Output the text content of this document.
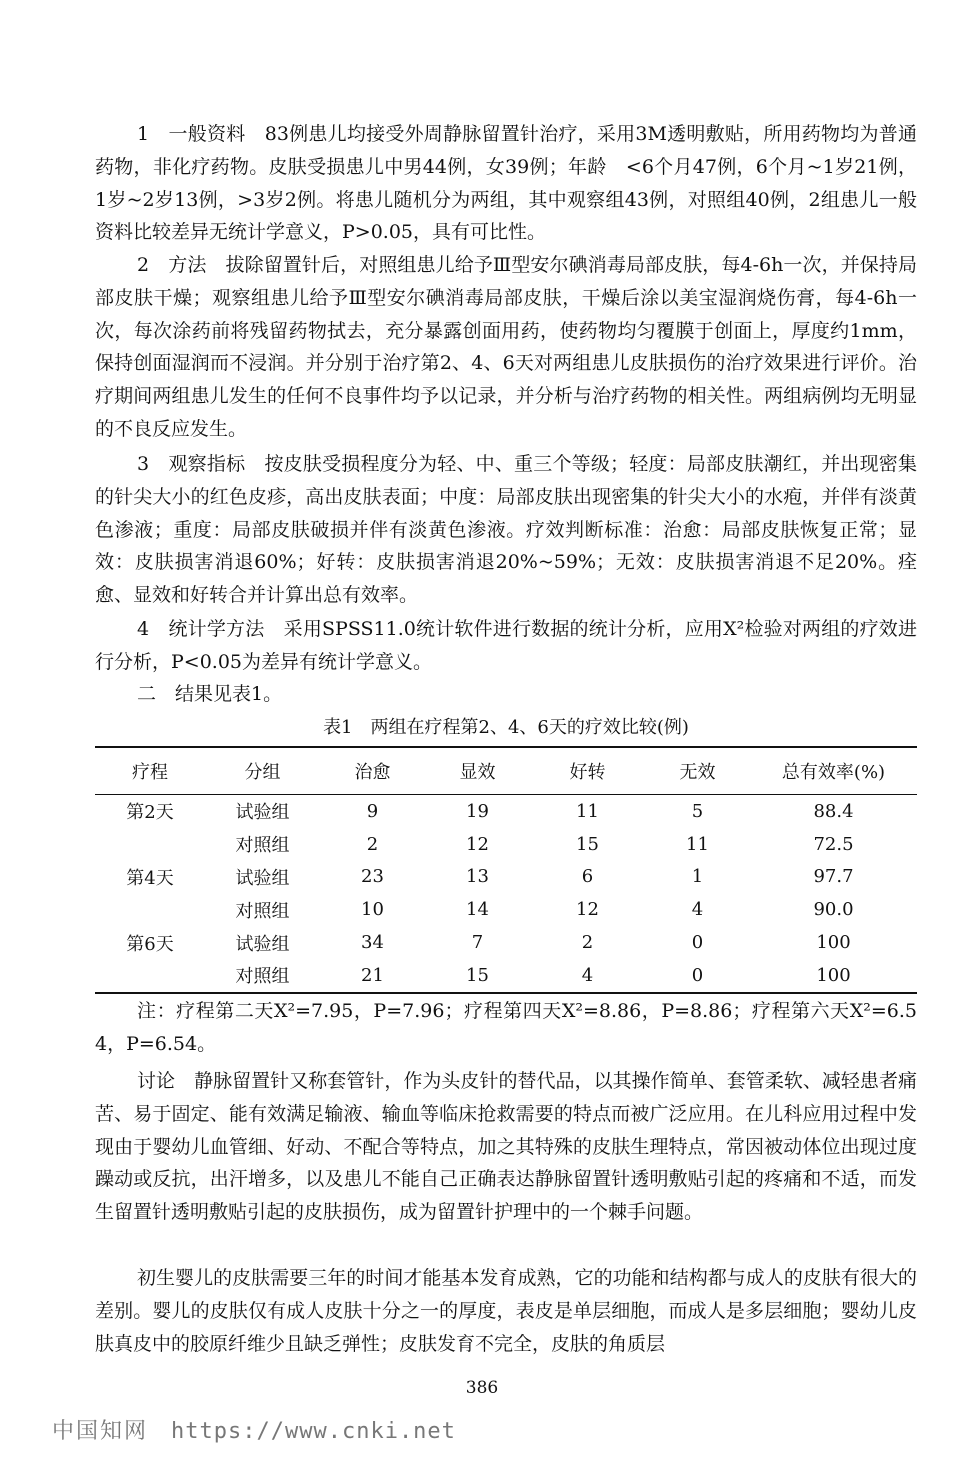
1　一般资料　83例患儿均接受外周静脉留置针治疗，采用3M透明敷贴，所用药物均为普通药物，非化疗药物。皮肤受损患儿中男44例，女39例；年龄　<6个月47例，6个月~1岁21例，1岁~2岁13例，>3岁2例。将患儿随机分为两组，其中观察组43例，对照组40例，2组患儿一般资料比较差异无统计学意义，P>0.05，具有可比性。

2　方法　拔除留置针后，对照组患儿给予Ⅲ型安尔碘消毒局部皮肤，每4-6h一次，并保持局部皮肤干燥；观察组患儿给予Ⅲ型安尔碘消毒局部皮肤，干燥后涂以美宝湿润烧伤膏，每4-6h一次，每次涂药前将残留药物拭去，充分暴露创面用药，使药物均匀覆膜于创面上，厚度约1mm，保持创面湿润而不浸润。并分别于治疗第2、4、6天对两组患儿皮肤损伤的治疗效果进行评价。治疗期间两组患儿发生的任何不良事件均予以记录，并分析与治疗药物的相关性。两组病例均无明显的不良反应发生。

3　观察指标　按皮肤受损程度分为轻、中、重三个等级；轻度：局部皮肤潮红，并出现密集的针尖大小的红色皮疹，高出皮肤表面；中度：局部皮肤出现密集的针尖大小的水疱，并伴有淡黄色渗液；重度：局部皮肤破损并伴有淡黄色渗液。疗效判断标准：治愈：局部皮肤恢复正常；显效：皮肤损害消退60%；好转：皮肤损害消退20%~59%；无效：皮肤损害消退不足20%。痊愈、显效和好转合并计算出总有效率。

4　统计学方法　采用SPSS11.0统计软件进行数据的统计分析，应用X²检验对两组的疗效进行分析，P<0.05为差异有统计学意义。

二　结果见表1。

表1　两组在疗程第2、4、6天的疗效比较(例)
疗程	分组	治愈	显效	好转	无效	总有效率(%)
第2天	试验组	9	19	11	5	88.4
	对照组	2	12	15	11	72.5
第4天	试验组	23	13	6	1	97.7
	对照组	10	14	12	4	90.0
第6天	试验组	34	7	2	0	100
	对照组	21	15	4	0	100

注：疗程第二天X²=7.95，P=7.96；疗程第四天X²=8.86，P=8.86；疗程第六天X²=6.54，P=6.54。

讨论　静脉留置针又称套管针，作为头皮针的替代品，以其操作简单、套管柔软、减轻患者痛苦、易于固定、能有效满足输液、输血等临床抢救需要的特点而被广泛应用。在儿科应用过程中发现由于婴幼儿血管细、好动、不配合等特点，加之其特殊的皮肤生理特点，常因被动体位出现过度躁动或反抗，出汗增多，以及患儿不能自己正确表达静脉留置针透明敷贴引起的疼痛和不适，而发生留置针透明敷贴引起的皮肤损伤，成为留置针护理中的一个棘手问题。

初生婴儿的皮肤需要三年的时间才能基本发育成熟，它的功能和结构都与成人的皮肤有很大的差别。婴儿的皮肤仅有成人皮肤十分之一的厚度，表皮是单层细胞，而成人是多层细胞；婴幼儿皮肤真皮中的胶原纤维少且缺乏弹性；皮肤发育不完全，皮肤的角质层

386
中国知网 https://www.cnki.net
